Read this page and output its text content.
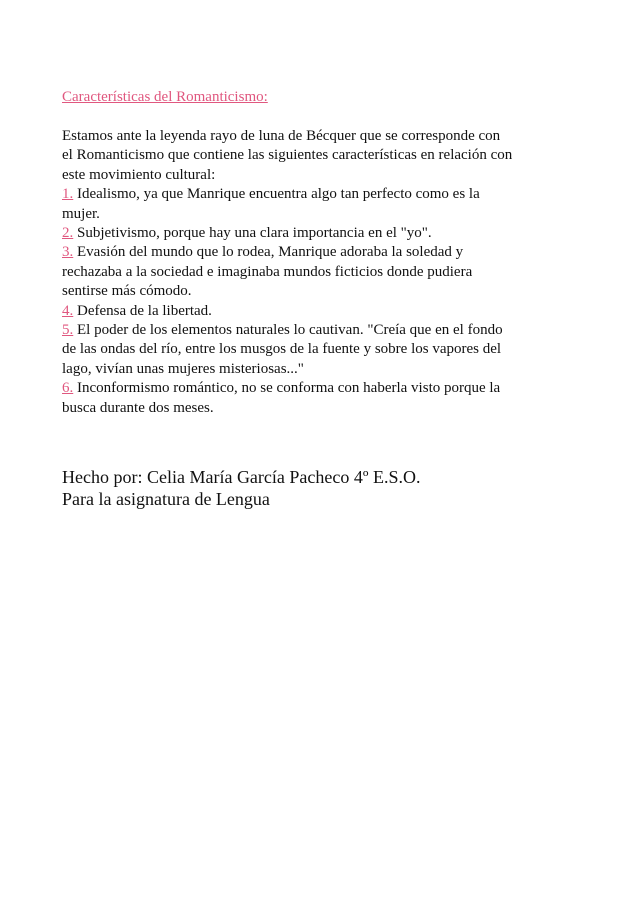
Características del Romanticismo:
Estamos ante la leyenda rayo de luna de Bécquer que se corresponde con
el Romanticismo que contiene las siguientes características en relación con
este movimiento cultural:
1. Idealismo, ya que Manrique encuentra algo tan perfecto como es la
mujer.
2. Subjetivismo, porque hay una clara importancia en el "yo".
3. Evasión del mundo que lo rodea, Manrique adoraba la soledad y
rechazaba a la sociedad e imaginaba mundos ficticios donde pudiera
sentirse más cómodo.
4. Defensa de la libertad.
5. El poder de los elementos naturales lo cautivan. "Creía que en el fondo
de las ondas del río, entre los musgos de la fuente y sobre los vapores del
lago, vivían unas mujeres misteriosas..."
6. Inconformismo romántico, no se conforma con haberla visto porque la
busca durante dos meses.
Hecho por: Celia María García Pacheco 4º E.S.O.
Para la asignatura de Lengua
